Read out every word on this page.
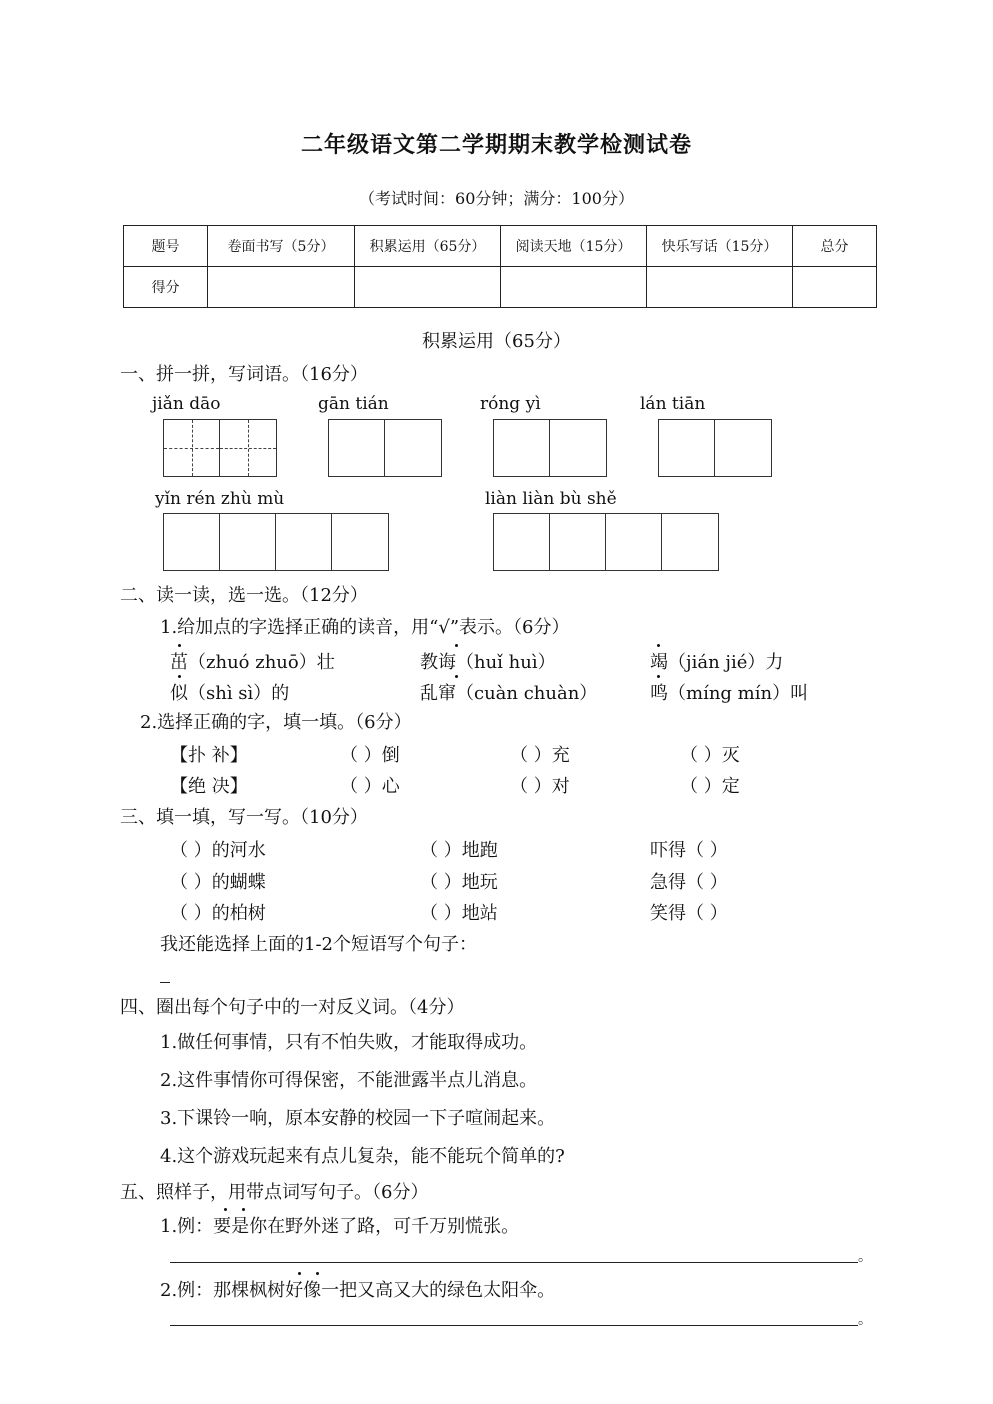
二年级语文第二学期期末教学检测试卷
（考试时间：60分钟；满分：100分）
题号	卷面书写（5分）	积累运用（65分）	阅读天地（15分）	快乐写话（15分）	总分
得分					
积累运用（65分）
一、拼一拼，写词语。（16分）
jiǎn dāo	gān tián	róng yì	lán tiān
yǐn rén zhù mù	liàn liàn bù shě
二、读一读，选一选。（12分）
1.给加点的字选择正确的读音，用“√”表示。（6分）
茁（zhuó zhuō）壮	教诲（huǐ huì）	竭（jián jié）力
似（shì sì）的	乱窜（cuàn chuàn）	鸣（míng mín）叫
2.选择正确的字，填一填。（6分）
【扑 补】	（ ）倒	（ ）充	（ ）灭
【绝 决】	（ ）心	（ ）对	（ ）定
三、填一填，写一写。（10分）
（ ）的河水	（ ）地跑	吓得（ ）
（ ）的蝴蝶	（ ）地玩	急得（ ）
（ ）的柏树	（ ）地站	笑得（ ）
我还能选择上面的1-2个短语写个句子：
四、圈出每个句子中的一对反义词。（4分）
1.做任何事情，只有不怕失败，才能取得成功。
2.这件事情你可得保密，不能泄露半点儿消息。
3.下课铃一响，原本安静的校园一下子喧闹起来。
4.这个游戏玩起来有点儿复杂，能不能玩个简单的?
五、照样子，用带点词写句子。（6分）
1.例：要是你在野外迷了路，可千万别慌张。
。
2.例：那棵枫树好像一把又高又大的绿色太阳伞。
。
